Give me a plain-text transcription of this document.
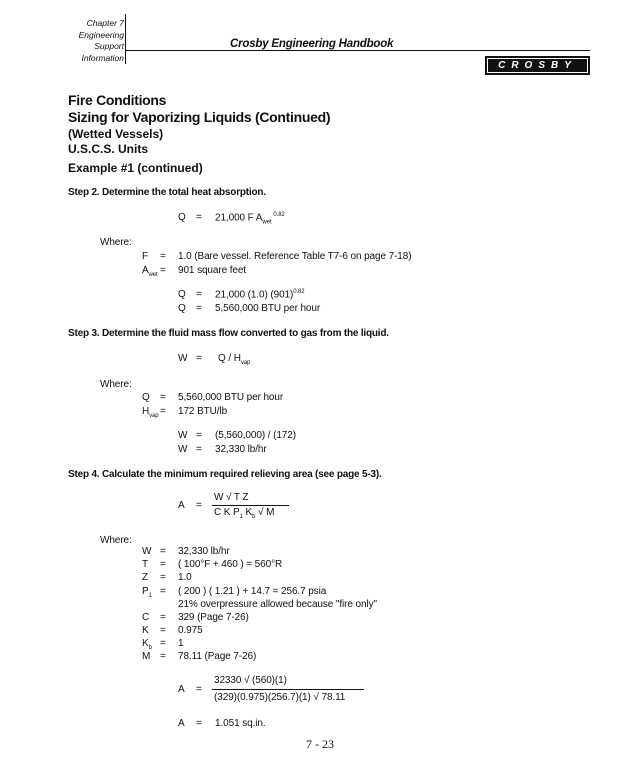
Chapter 7
Engineering
Support
Information
Crosby Engineering Handbook
CROSBY
Fire Conditions
Sizing for Vaporizing Liquids (Continued)
(Wetted Vessels)
U.S.C.S. Units
Example #1 (continued)
Step 2. Determine the total heat absorption.
Q = 21,000 F $A_{wet}^{0.82}$
Where:
F = 1.0 (Bare vessel. Reference Table T7-6 on page 7-18)
$A_{wet} = 901$ square feet
Q = 21,000 (1.0) $(901)^{0.82}$
Q = 5,560,000 BTU per hour
Step 3. Determine the fluid mass flow converted to gas from the liquid.
$W = Q / H_{vap}$
Where:
Q = 5,560,000 BTU per hour
$H_{vap} = 172$ BTU/lb
W = (5,560,000) / (172)
W = 32,330 lb/hr
Step 4. Calculate the minimum required relieving area (see page 5-3).
A =
W √ T Z
C K $P_1$ $K_b$ √ M
Where:
W = 32,330 lb/hr
T = ( 100°F + 460 ) = 560°R
Z = 1.0
$P_1$ = ( 200 ) ( 1.21 ) + 14.7 = 256.7 psia
21% overpressure allowed because "fire only"
C = 329 (Page 7-26)
K = 0.975
$K_b = 1$
M = 78.11 (Page 7-26)
A =
32330 √ (560)(1)
(329)(0.975)(256.7)(1) √ 78.11
A = 1.051 sq.in.
7 - 23
